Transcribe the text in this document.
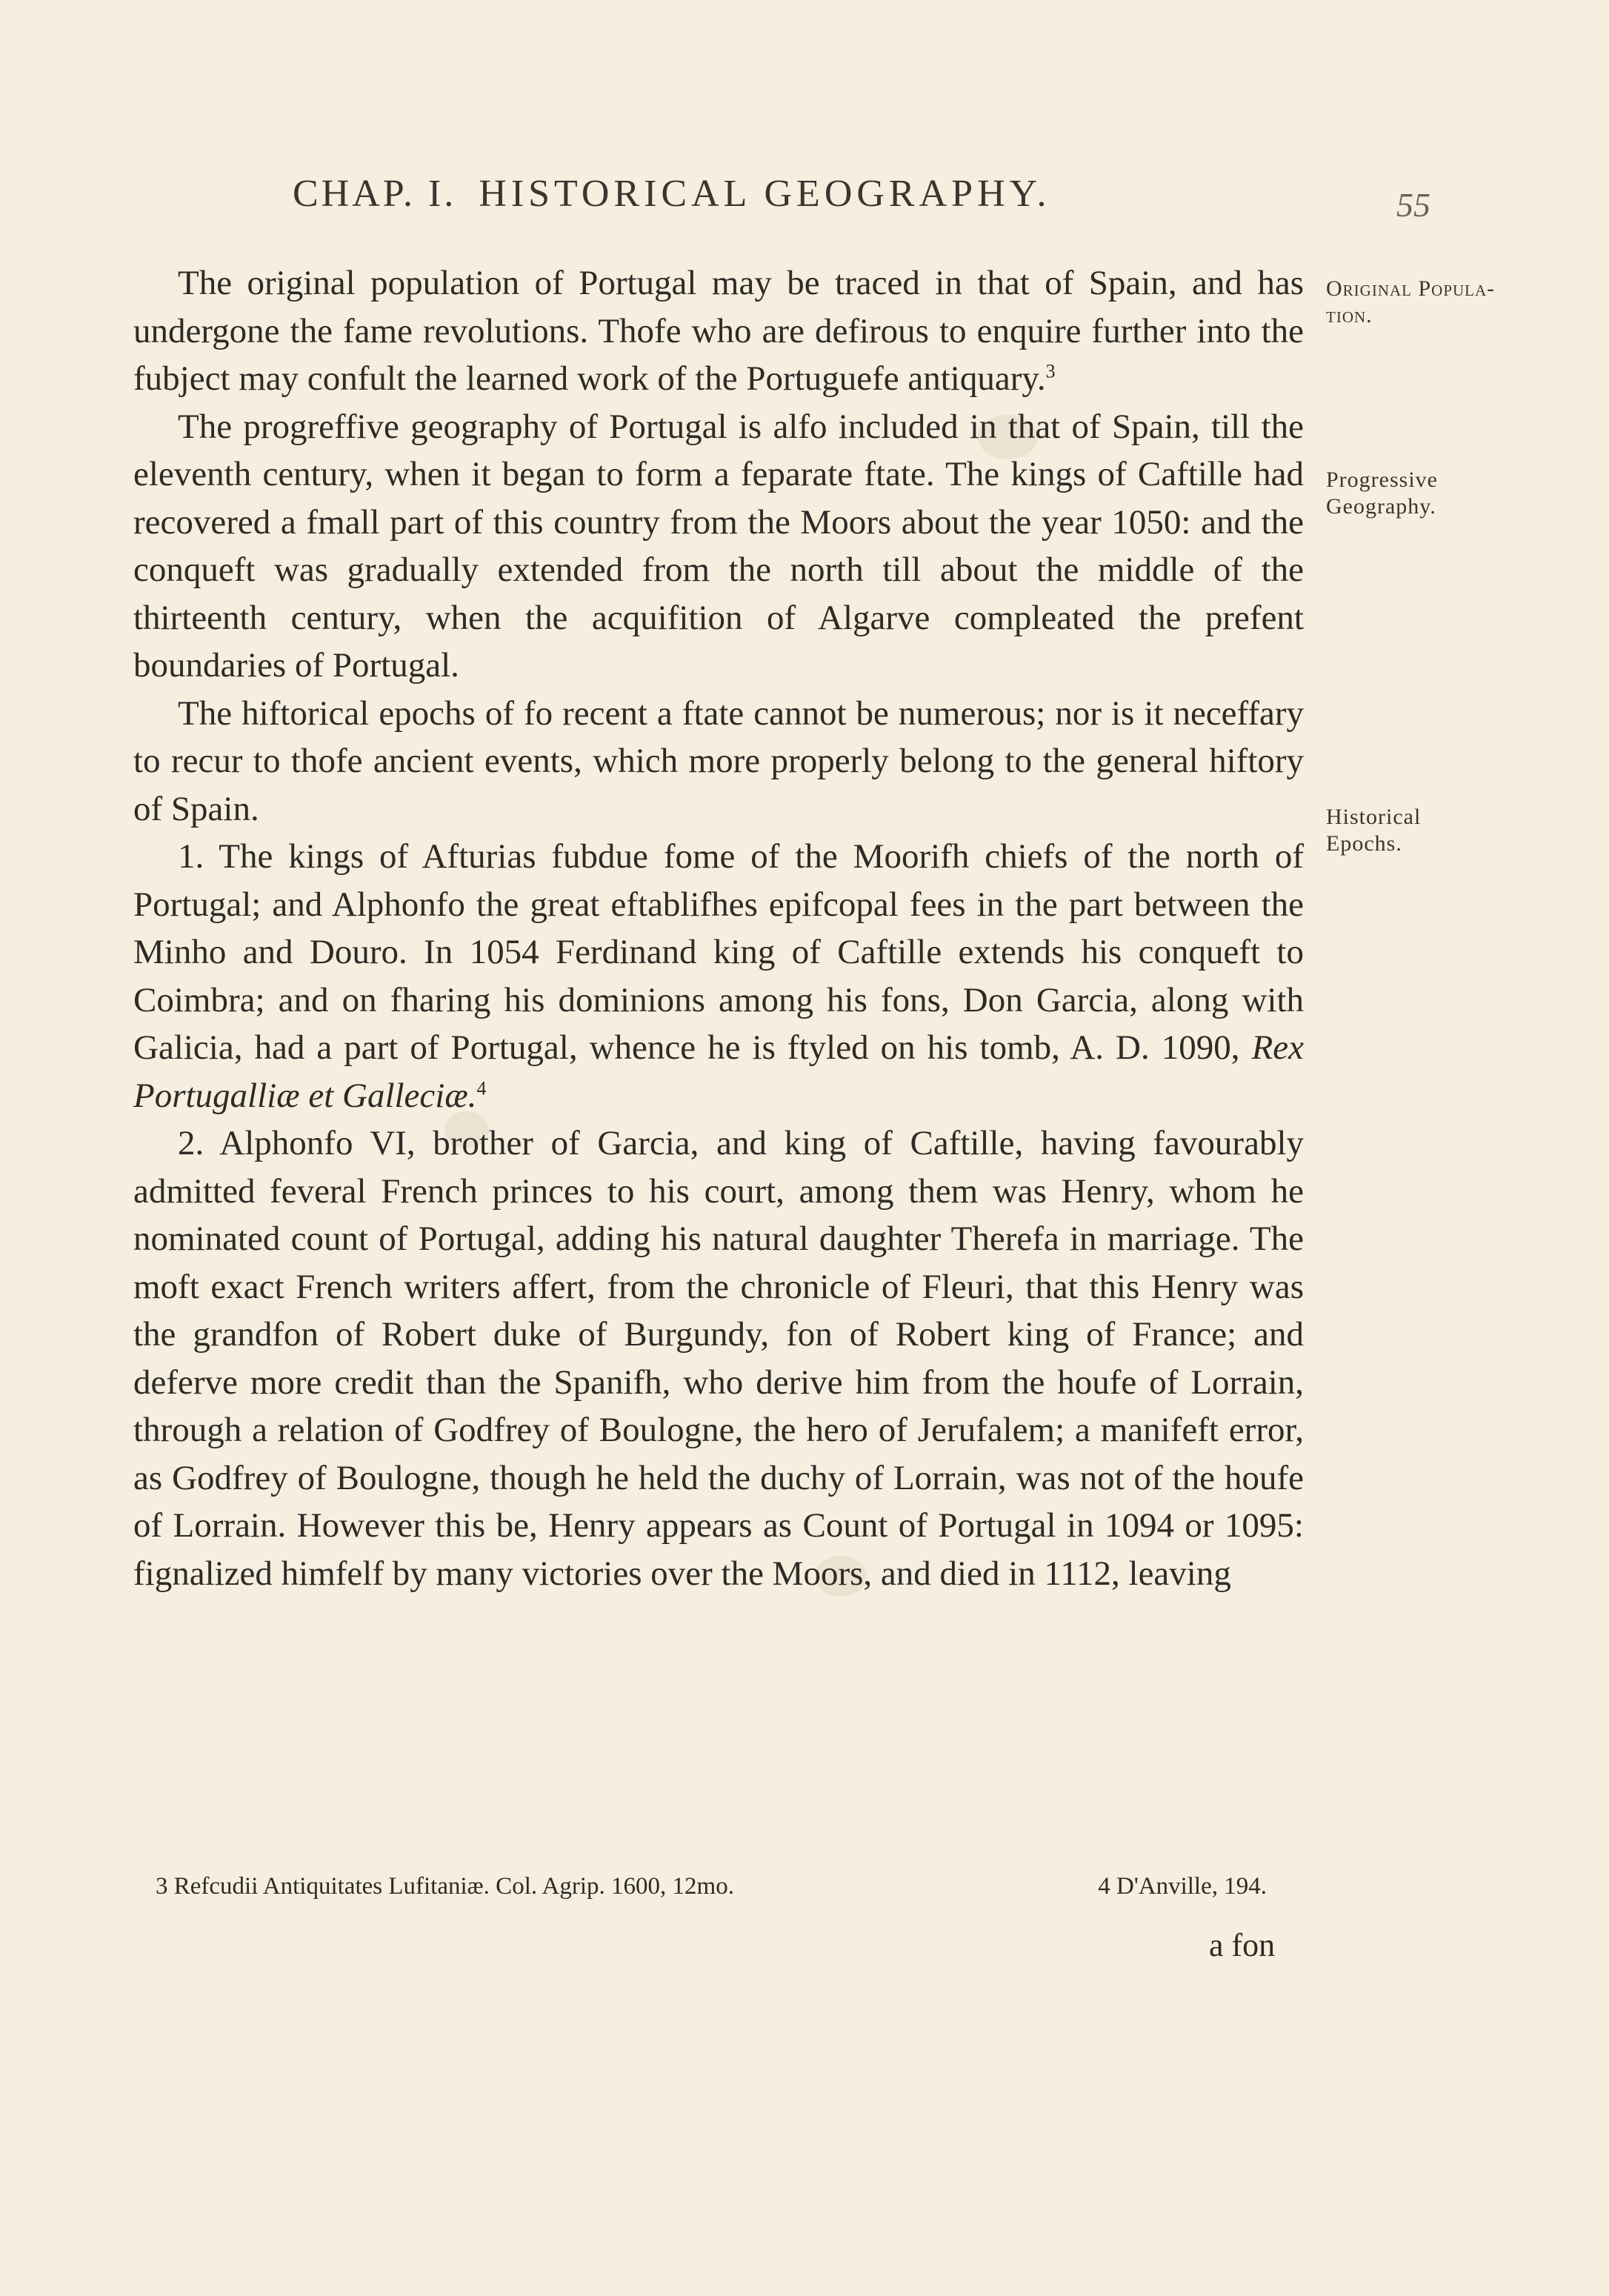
CHAP. I. HISTORICAL GEOGRAPHY.	55
Original Popula-tion.
Progressive Geography.
Historical Epochs.

The original population of Portugal may be traced in that of Spain, and has undergone the fame revolutions. Thofe who are defirous to enquire further into the fubject may confult the learned work of the Portuguefe antiquary.$^3$

The progreffive geography of Portugal is alfo included in that of Spain, till the eleventh century, when it began to form a feparate ftate. The kings of Caftille had recovered a fmall part of this country from the Moors about the year 1050: and the conqueft was gradually extended from the north till about the middle of the thirteenth century, when the acquifition of Algarve compleated the prefent boundaries of Portugal.

The hiftorical epochs of fo recent a ftate cannot be numerous; nor is it neceffary to recur to thofe ancient events, which more properly belong to the general hiftory of Spain.

1. The kings of Afturias fubdue fome of the Moorifh chiefs of the north of Portugal; and Alphonfo the great eftablifhes epifcopal fees in the part between the Minho and Douro. In 1054 Ferdinand king of Caftille extends his conqueft to Coimbra; and on fharing his dominions among his fons, Don Garcia, along with Galicia, had a part of Portugal, whence he is ftyled on his tomb, A. D. 1090, Rex Portugalliæ et Galleciæ.$^4$

2. Alphonfo VI, brother of Garcia, and king of Caftille, having favourably admitted feveral French princes to his court, among them was Henry, whom he nominated count of Portugal, adding his natural daughter Therefa in marriage. The moft exact French writers affert, from the chronicle of Fleuri, that this Henry was the grandfon of Robert duke of Burgundy, fon of Robert king of France; and deferve more credit than the Spanifh, who derive him from the houfe of Lorrain, through a relation of Godfrey of Boulogne, the hero of Jerufalem; a manifeft error, as Godfrey of Boulogne, though he held the duchy of Lorrain, was not of the houfe of Lorrain. However this be, Henry appears as Count of Portugal in 1094 or 1095: fignalized himfelf by many victories over the Moors, and died in 1112, leaving

3 Refcudii Antiquitates Lufitaniæ. Col. Agrip. 1600, 12mo.	4 D'Anville, 194.
a fon
